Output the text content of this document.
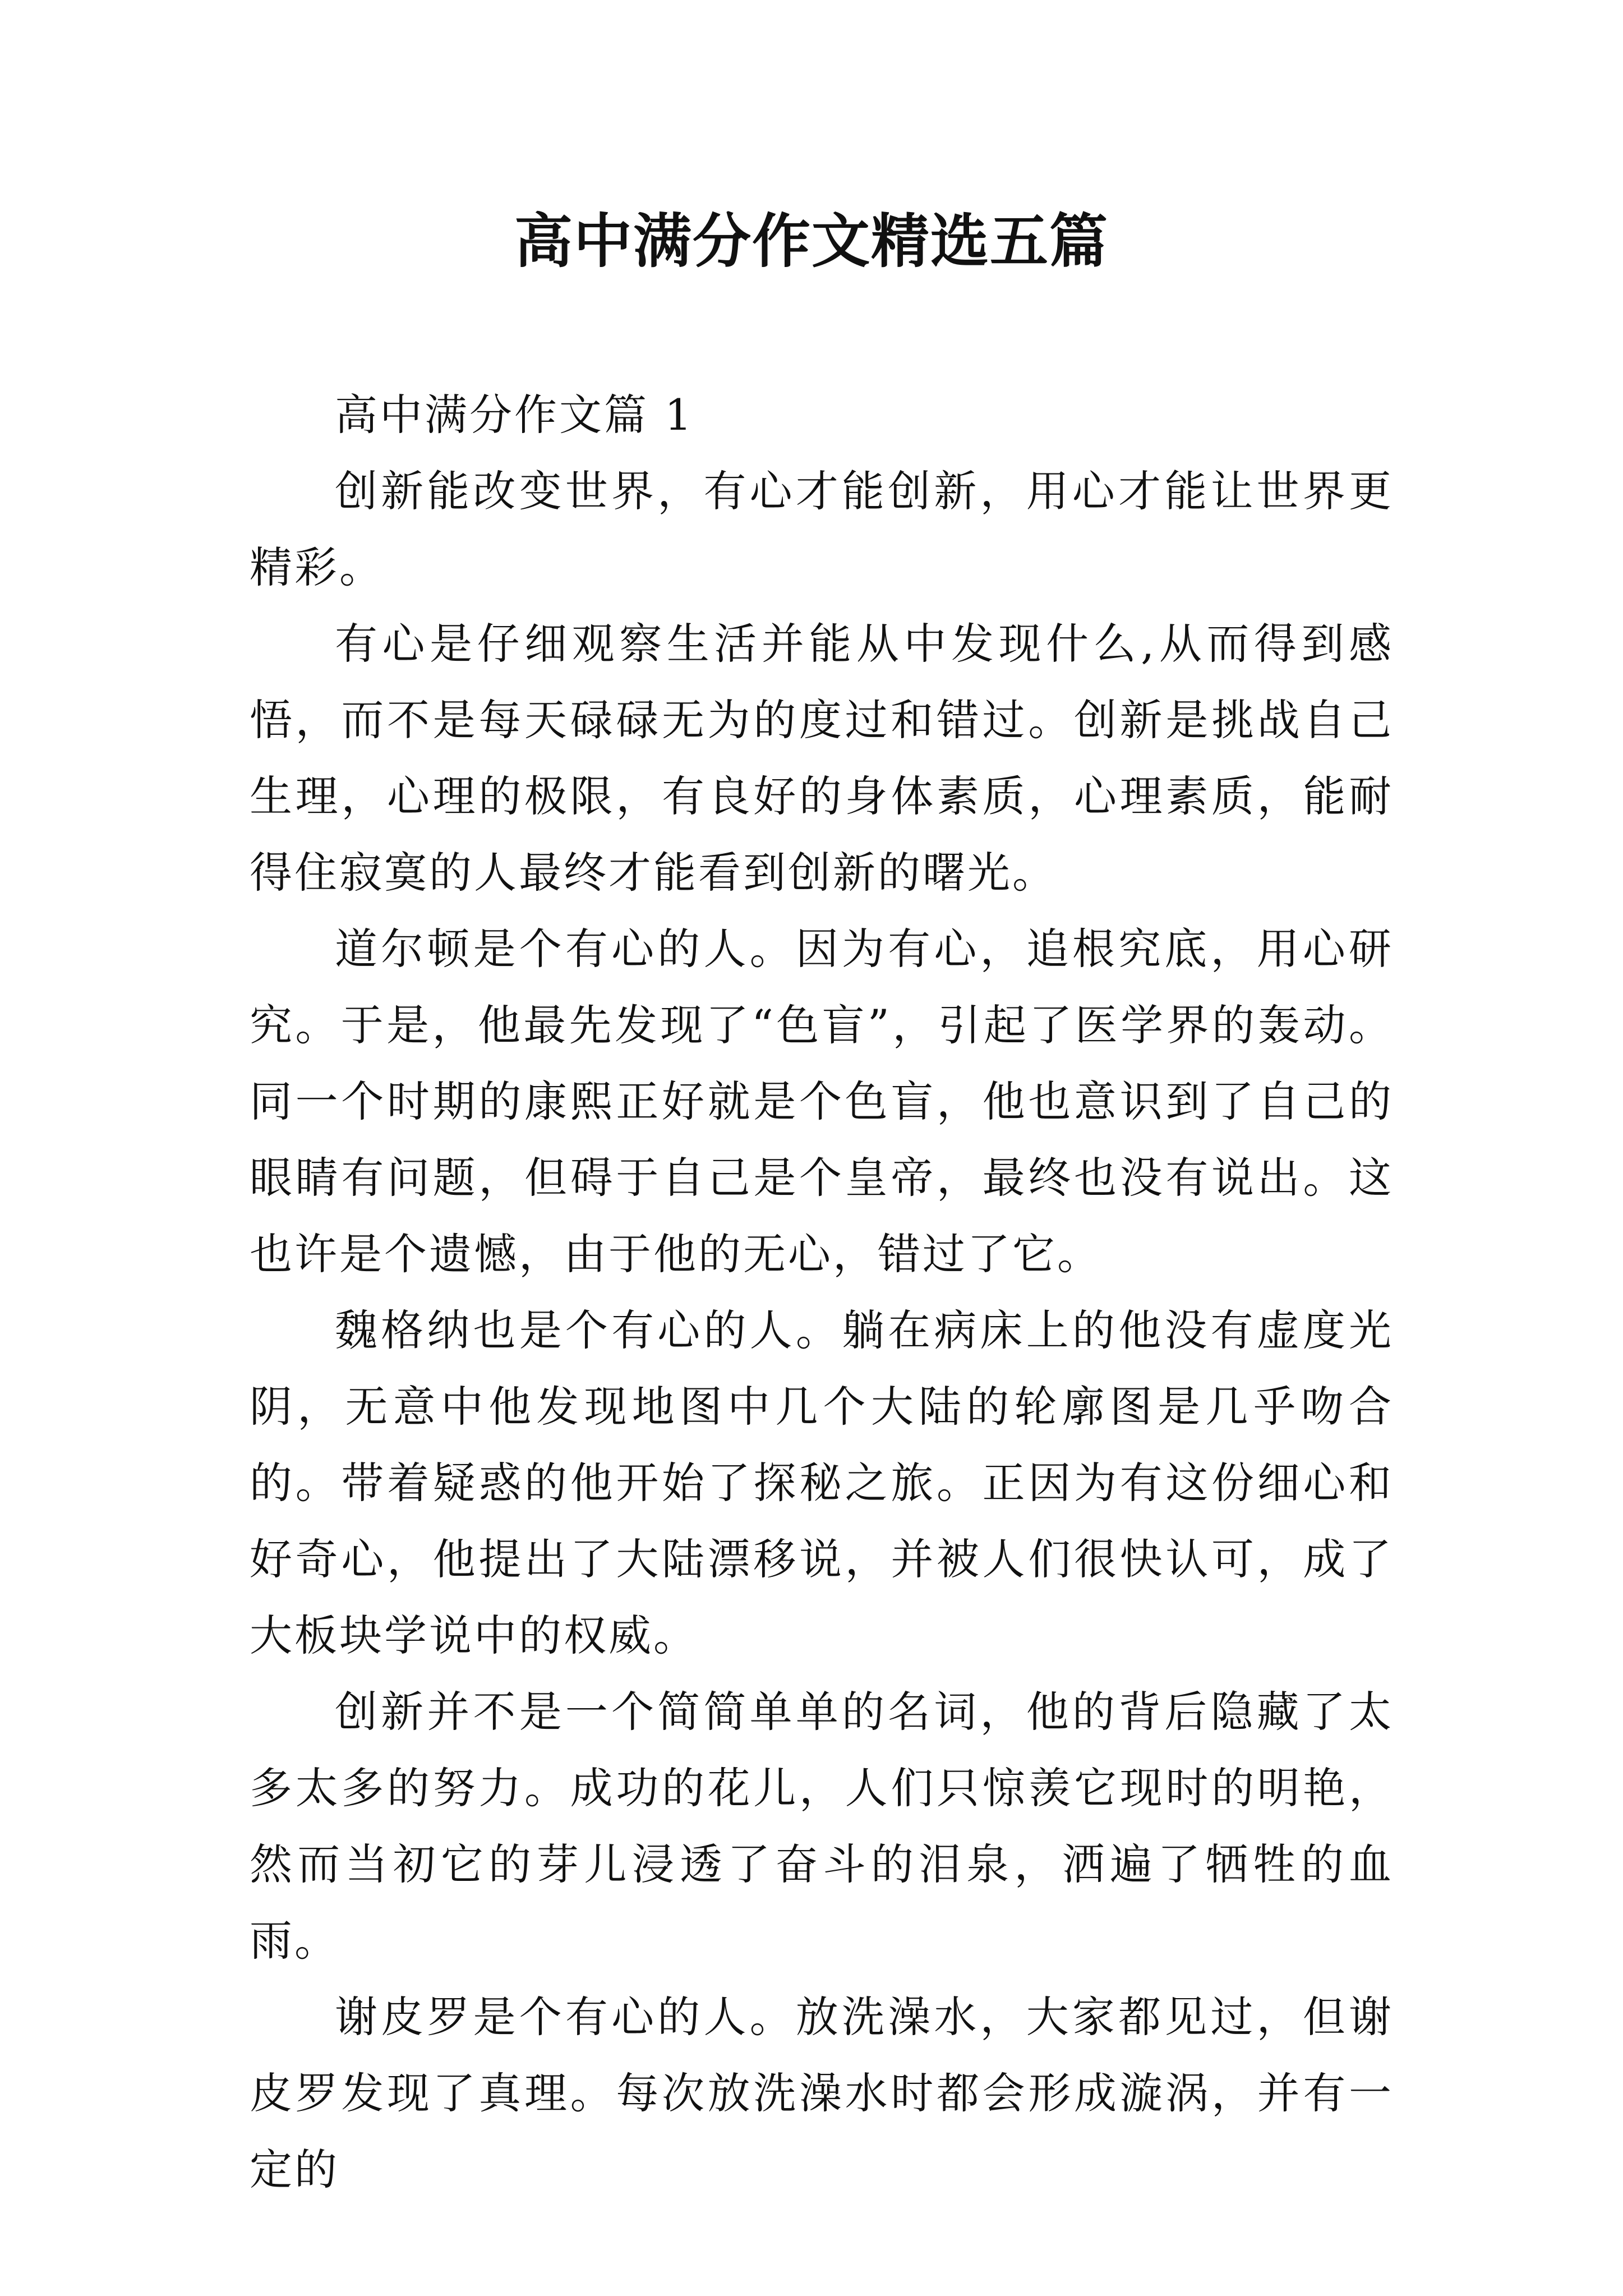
高中满分作文精选五篇

高中满分作文篇 1

创新能改变世界，有心才能创新，用心才能让世界更精彩。

有心是仔细观察生活并能从中发现什么,从而得到感悟，而不是每天碌碌无为的度过和错过。创新是挑战自己生理，心理的极限，有良好的身体素质，心理素质，能耐得住寂寞的人最终才能看到创新的曙光。

道尔顿是个有心的人。因为有心，追根究底，用心研究。于是，他最先发现了“色盲”，引起了医学界的轰动。同一个时期的康熙正好就是个色盲，他也意识到了自己的眼睛有问题，但碍于自己是个皇帝，最终也没有说出。这也许是个遗憾，由于他的无心，错过了它。

魏格纳也是个有心的人。躺在病床上的他没有虚度光阴，无意中他发现地图中几个大陆的轮廓图是几乎吻合的。带着疑惑的他开始了探秘之旅。正因为有这份细心和好奇心，他提出了大陆漂移说，并被人们很快认可，成了大板块学说中的权威。

创新并不是一个简简单单的名词，他的背后隐藏了太多太多的努力。成功的花儿，人们只惊羡它现时的明艳，然而当初它的芽儿浸透了奋斗的泪泉，洒遍了牺牲的血雨。

谢皮罗是个有心的人。放洗澡水，大家都见过，但谢皮罗发现了真理。每次放洗澡水时都会形成漩涡，并有一定的
